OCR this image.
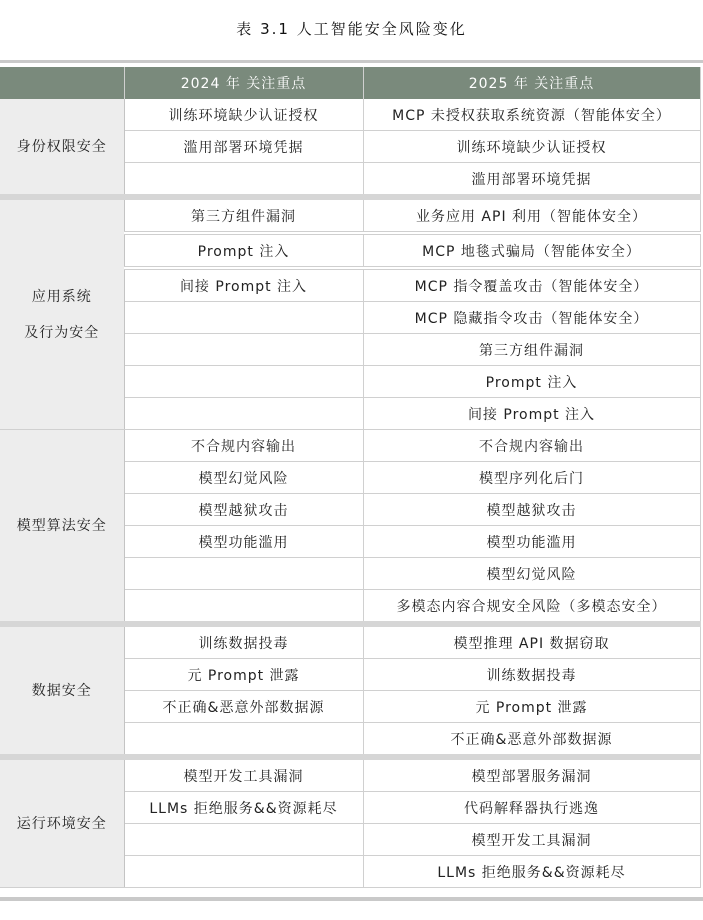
表 3.1 人工智能安全风险变化
	2024 年 关注重点	2025 年 关注重点

身份权限安全	训练环境缺少认证授权	MCP 未授权获取系统资源（智能体安全）
	滥用部署环境凭据	训练环境缺少认证授权
		滥用部署环境凭据

应用系统
及行为安全	第三方组件漏洞	业务应用 API 利用（智能体安全）
	Prompt 注入	MCP 地毯式骗局（智能体安全）
	间接 Prompt 注入	MCP 指令覆盖攻击（智能体安全）
		MCP 隐藏指令攻击（智能体安全）
		第三方组件漏洞
		Prompt 注入
		间接 Prompt 注入

模型算法安全	不合规内容输出	不合规内容输出
	模型幻觉风险	模型序列化后门
	模型越狱攻击	模型越狱攻击
	模型功能滥用	模型功能滥用
		模型幻觉风险
		多模态内容合规安全风险（多模态安全）

数据安全	训练数据投毒	模型推理 API 数据窃取
	元 Prompt 泄露	训练数据投毒
	不正确&恶意外部数据源	元 Prompt 泄露
		不正确&恶意外部数据源

运行环境安全	模型开发工具漏洞	模型部署服务漏洞
	LLMs 拒绝服务&&资源耗尽	代码解释器执行逃逸
		模型开发工具漏洞
		LLMs 拒绝服务&&资源耗尽
